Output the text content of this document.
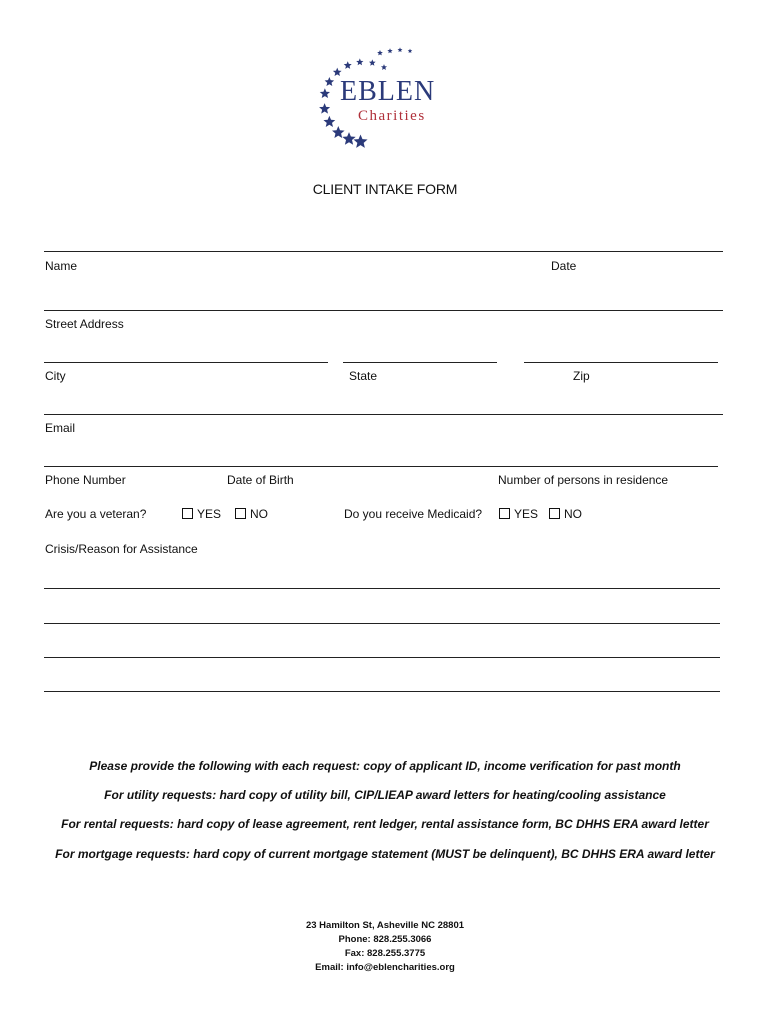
EBLEN
Charities
CLIENT INTAKE FORM
Name	Date
Street Address
City	State	Zip
Email
Phone Number	Date of Birth	Number of persons in residence
Are you a veteran?	YES	NO	Do you receive Medicaid?	YES	NO
Crisis/Reason for Assistance
Please provide the following with each request: copy of applicant ID, income verification for past month
For utility requests: hard copy of utility bill, CIP/LIEAP award letters for heating/cooling assistance
For rental requests: hard copy of lease agreement, rent ledger, rental assistance form, BC DHHS ERA award letter
For mortgage requests: hard copy of current mortgage statement (MUST be delinquent), BC DHHS ERA award letter
23 Hamilton St, Asheville NC 28801
Phone: 828.255.3066
Fax: 828.255.3775
Email: info@eblencharities.org
